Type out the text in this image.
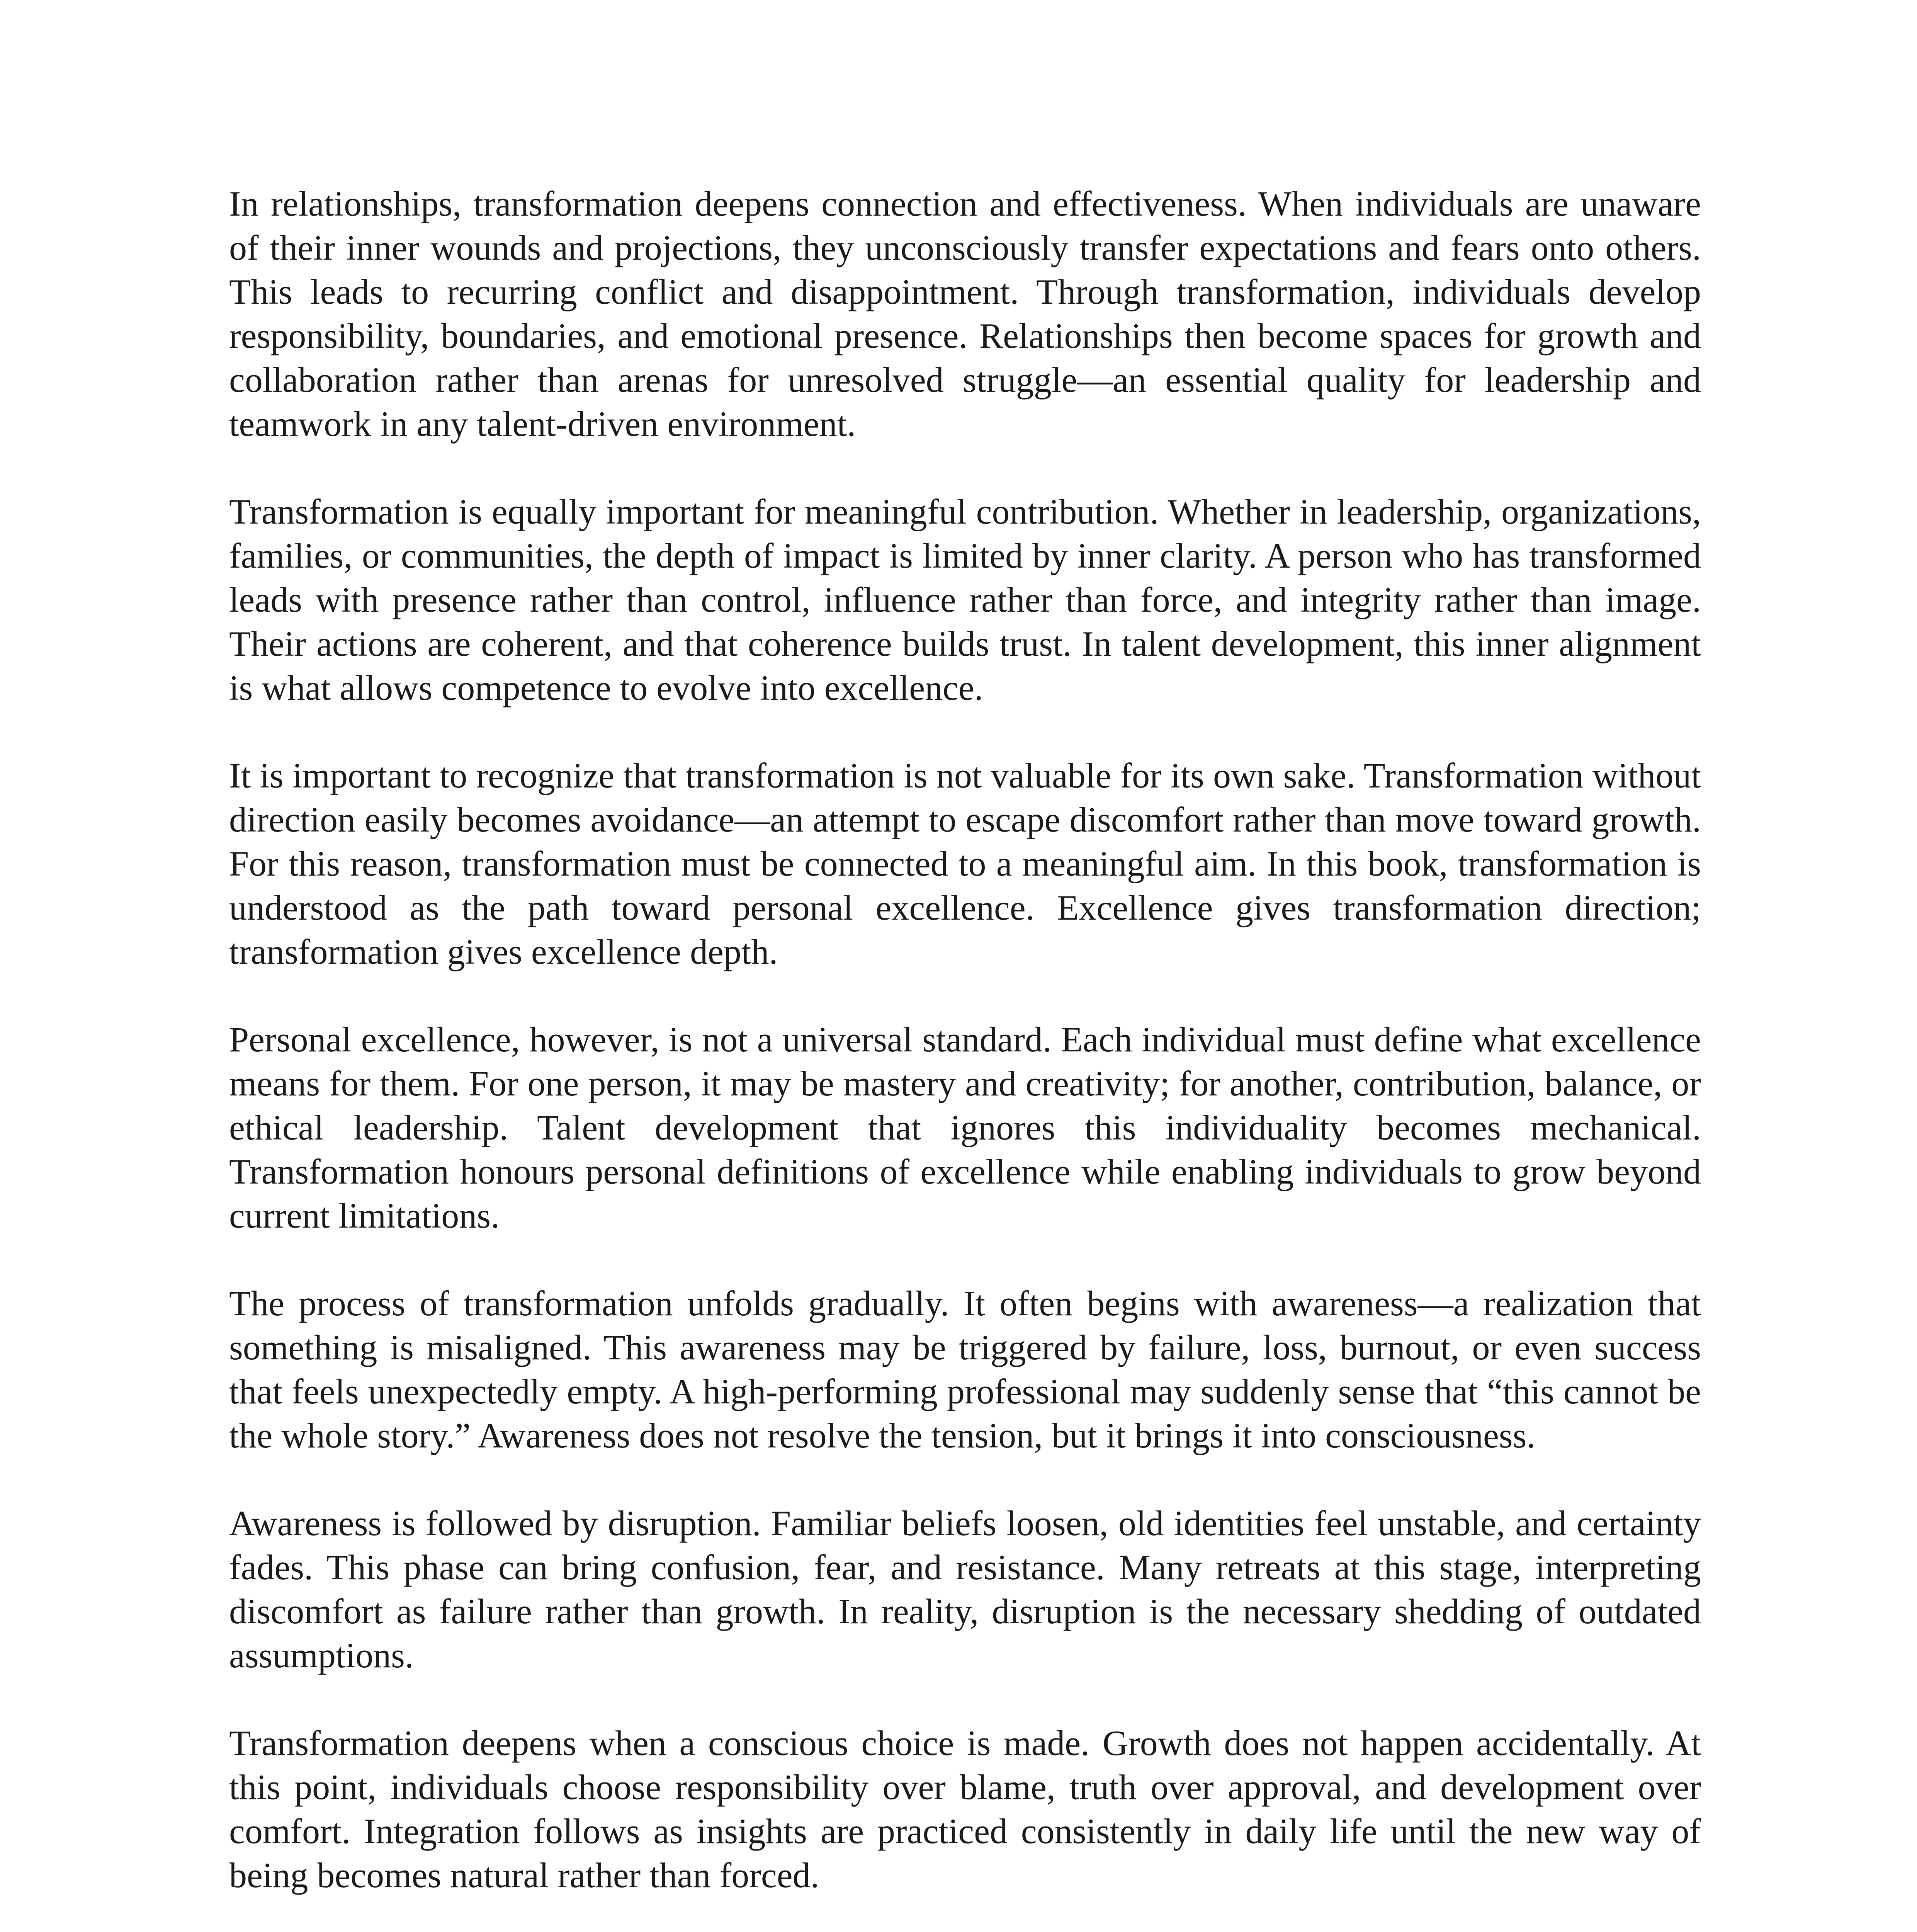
In relationships, transformation deepens connection and effectiveness. When individuals are unaware of their inner wounds and projections, they unconsciously transfer expectations and fears onto others. This leads to recurring conflict and disappointment. Through transformation, individuals develop responsibility, boundaries, and emotional presence. Relationships then become spaces for growth and collaboration rather than arenas for unresolved struggle—an essential quality for leadership and teamwork in any talent-driven environment.

Transformation is equally important for meaningful contribution. Whether in leadership, organizations, families, or communities, the depth of impact is limited by inner clarity. A person who has transformed leads with presence rather than control, influence rather than force, and integrity rather than image. Their actions are coherent, and that coherence builds trust. In talent development, this inner alignment is what allows competence to evolve into excellence.

It is important to recognize that transformation is not valuable for its own sake. Transformation without direction easily becomes avoidance—an attempt to escape discomfort rather than move toward growth. For this reason, transformation must be connected to a meaningful aim. In this book, transformation is understood as the path toward personal excellence. Excellence gives transformation direction; transformation gives excellence depth.

Personal excellence, however, is not a universal standard. Each individual must define what excellence means for them. For one person, it may be mastery and creativity; for another, contribution, balance, or ethical leadership. Talent development that ignores this individuality becomes mechanical. Transformation honours personal definitions of excellence while enabling individuals to grow beyond current limitations.

The process of transformation unfolds gradually. It often begins with awareness—a realization that something is misaligned. This awareness may be triggered by failure, loss, burnout, or even success that feels unexpectedly empty. A high-performing professional may suddenly sense that “this cannot be the whole story.” Awareness does not resolve the tension, but it brings it into consciousness.

Awareness is followed by disruption. Familiar beliefs loosen, old identities feel unstable, and certainty fades. This phase can bring confusion, fear, and resistance. Many retreats at this stage, interpreting discomfort as failure rather than growth. In reality, disruption is the necessary shedding of outdated assumptions.

Transformation deepens when a conscious choice is made. Growth does not happen accidentally. At this point, individuals choose responsibility over blame, truth over approval, and development over comfort. Integration follows as insights are practiced consistently in daily life until the new way of being becomes natural rather than forced.
